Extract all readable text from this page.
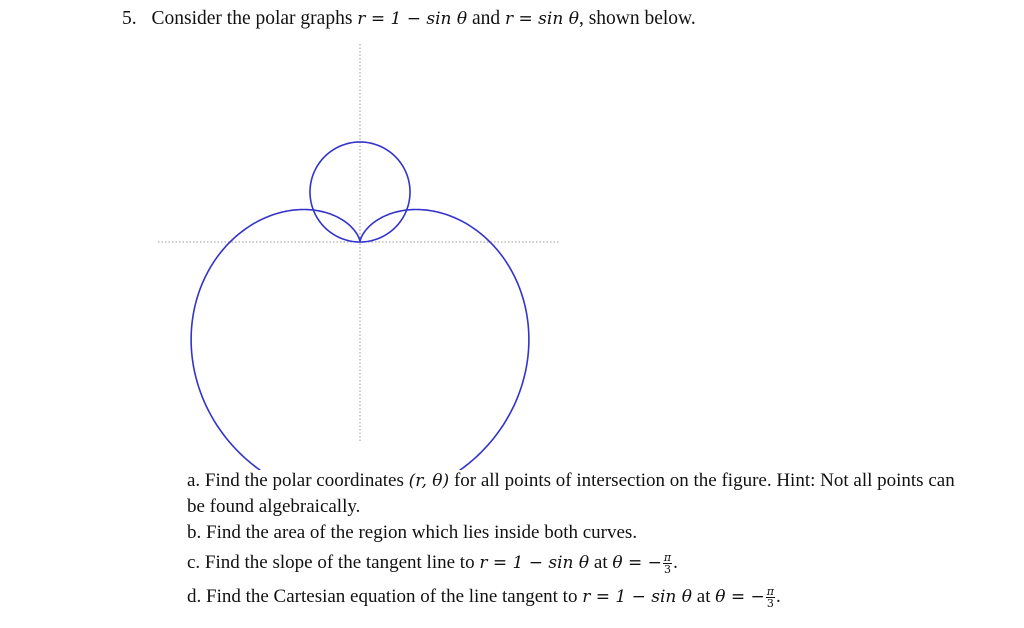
5. Consider the polar graphs r = 1 − sin θ and r = sin θ, shown below.

a. Find the polar coordinates (r, θ) for all points of intersection on the figure. Hint: Not all points can be found algebraically.

b. Find the area of the region which lies inside both curves.

c. Find the slope of the tangent line to r = 1 − sin θ at θ = − $\frac{\pi}{3}$ .

d. Find the Cartesian equation of the line tangent to r = 1 − sin θ at θ = − $\frac{\pi}{3}$ .
